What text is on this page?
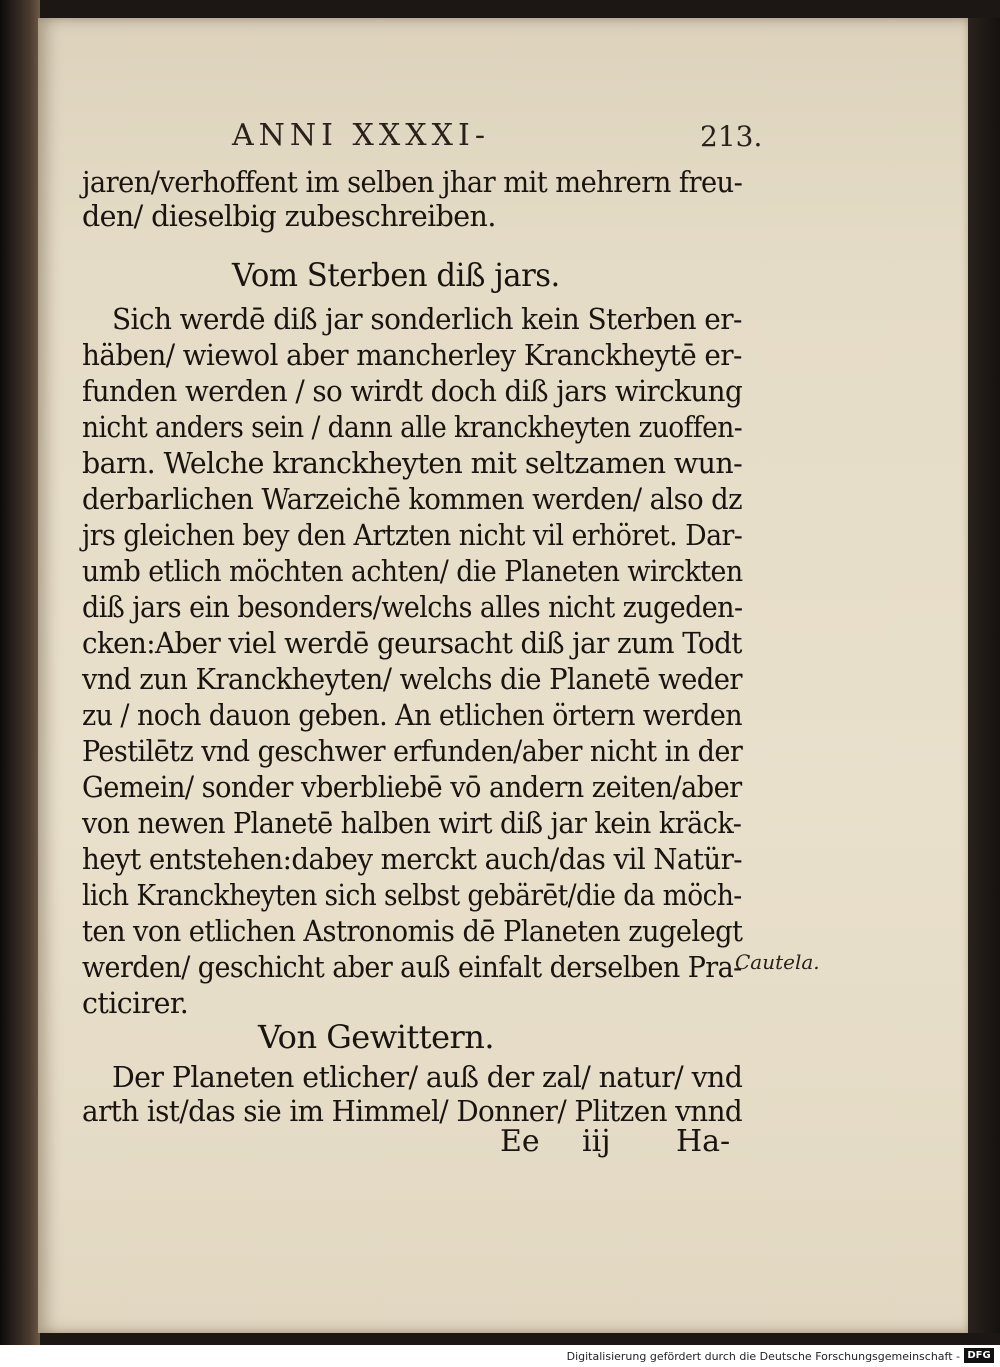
ANNI XXXXI-	213.
jaren/verhoffent im selben jhar mit mehrern freu-
den/ dieselbig zubeschreiben.
Vom Sterben diß jars.
Sich werdē diß jar sonderlich kein Sterben er-
häben/ wiewol aber mancherley Kranckheytē er-
funden werden / so wirdt doch diß jars wirckung
nicht anders sein / dann alle kranckheyten zuoffen-
barn. Welche kranckheyten mit seltzamen wun-
derbarlichen Warzeichē kommen werden/ also dz
jrs gleichen bey den Artzten nicht vil erhöret. Dar-
umb etlich möchten achten/ die Planeten wirckten
diß jars ein besonders/welchs alles nicht zugeden-
cken:Aber viel werdē geursacht diß jar zum Todt
vnd zun Kranckheyten/ welchs die Planetē weder
zu / noch dauon geben. An etlichen örtern werden
Pestilētz vnd geschwer erfunden/aber nicht in der
Gemein/ sonder vberbliebē vō andern zeiten/aber
von newen Planetē halben wirt diß jar kein kräck-
heyt entstehen:dabey merckt auch/das vil Natür-
lich Kranckheyten sich selbst gebärēt/die da möch-
ten von etlichen Astronomis dē Planeten zugelegt
werden/ geschicht aber auß einfalt derselben Pra-
cticirer.
Von Gewittern.
Der Planeten etlicher/ auß der zal/ natur/ vnd
arth ist/das sie im Himmel/ Donner/ Plitzen vnnd
Cautela.
Ee iij Ha-
Digitalisierung gefördert durch die Deutsche Forschungsgemeinschaft - DFG
